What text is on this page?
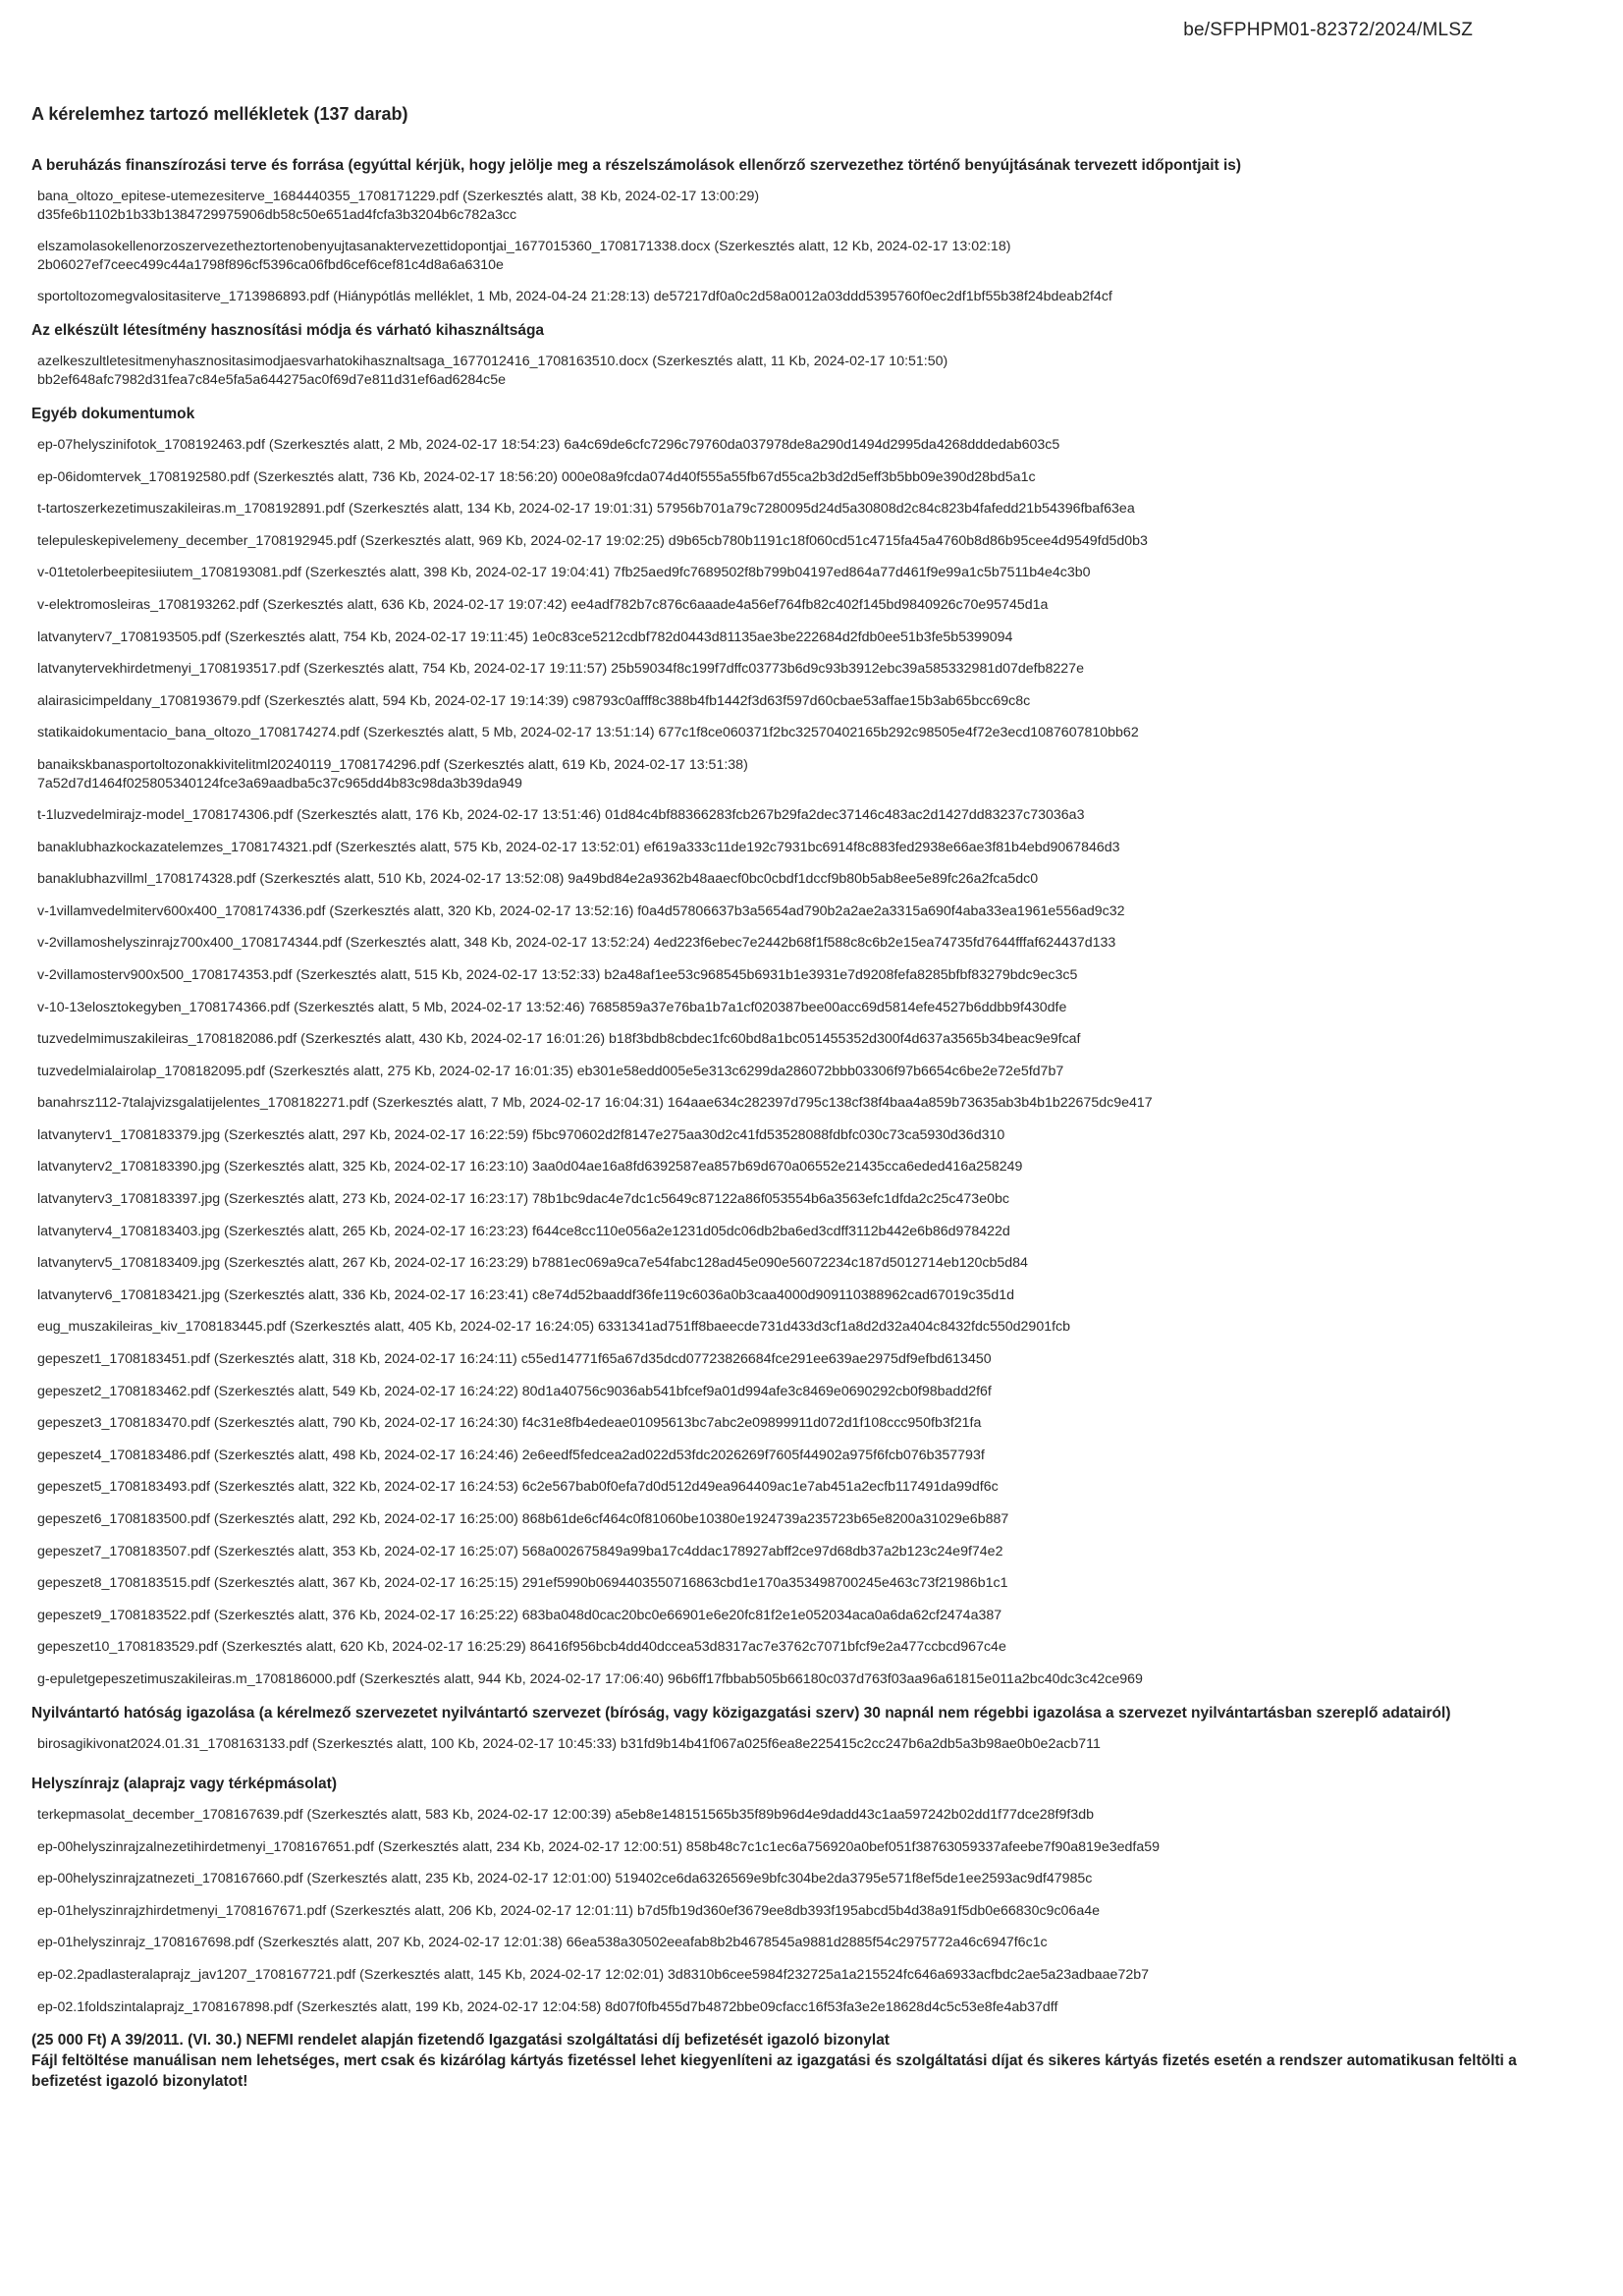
be/SFPHPM01-82372/2024/MLSZ
A kérelemhez tartozó mellékletek (137 darab)
A beruházás finanszírozási terve és forrása (egyúttal kérjük, hogy jelölje meg a részelszámolások ellenőrző szervezethez történő benyújtásának tervezett időpontjait is)
bana_oltozo_epitese-utemezesiterve_1684440355_1708171229.pdf (Szerkesztés alatt, 38 Kb, 2024-02-17 13:00:29)
d35fe6b1102b1b33b1384729975906db58c50e651ad4fcfa3b3204b6c782a3cc
elszamolasokellenorzoszervezetheztortenobenyujtasanaktervezettidopontjai_1677015360_1708171338.docx (Szerkesztés alatt, 12 Kb, 2024-02-17 13:02:18)
2b06027ef7ceec499c44a1798f896cf5396ca06fbd6cef6cef81c4d8a6a6310e
sportoltozomegvalositasiterve_1713986893.pdf (Hiánypótlás melléklet, 1 Mb, 2024-04-24 21:28:13) de57217df0a0c2d58a0012a03ddd5395760f0ec2df1bf55b38f24bdeab2f4cf
Az elkészült létesítmény hasznosítási módja és várható kihasználtsága
azelkeszultletesitmenyhasznositasimodjaesvarhatokihasznaltsaga_1677012416_1708163510.docx (Szerkesztés alatt, 11 Kb, 2024-02-17 10:51:50)
bb2ef648afc7982d31fea7c84e5fa5a644275ac0f69d7e811d31ef6ad6284c5e
Egyéb dokumentumok
ep-07helyszinifotok_1708192463.pdf (Szerkesztés alatt, 2 Mb, 2024-02-17 18:54:23) 6a4c69de6cfc7296c79760da037978de8a290d1494d2995da4268dddedab603c5
ep-06idomtervek_1708192580.pdf (Szerkesztés alatt, 736 Kb, 2024-02-17 18:56:20) 000e08a9fcda074d40f555a55fb67d55ca2b3d2d5eff3b5bb09e390d28bd5a1c
t-tartoszerkezetimuszakileiras.m_1708192891.pdf (Szerkesztés alatt, 134 Kb, 2024-02-17 19:01:31) 57956b701a79c7280095d24d5a30808d2c84c823b4fafedd21b54396fbaf63ea
telepuleskepivelemeny_december_1708192945.pdf (Szerkesztés alatt, 969 Kb, 2024-02-17 19:02:25) d9b65cb780b1191c18f060cd51c4715fa45a4760b8d86b95cee4d9549fd5d0b3
v-01tetolerbeepitesiiutem_1708193081.pdf (Szerkesztés alatt, 398 Kb, 2024-02-17 19:04:41) 7fb25aed9fc7689502f8b799b04197ed864a77d461f9e99a1c5b7511b4e4c3b0
v-elektromosleiras_1708193262.pdf (Szerkesztés alatt, 636 Kb, 2024-02-17 19:07:42) ee4adf782b7c876c6aaade4a56ef764fb82c402f145bd9840926c70e95745d1a
latvanyterv7_1708193505.pdf (Szerkesztés alatt, 754 Kb, 2024-02-17 19:11:45) 1e0c83ce5212cdbf782d0443d81135ae3be222684d2fdb0ee51b3fe5b5399094
latvanytervekhirdetmenyi_1708193517.pdf (Szerkesztés alatt, 754 Kb, 2024-02-17 19:11:57) 25b59034f8c199f7dffc03773b6d9c93b3912ebc39a585332981d07defb8227e
alairasicimpeldany_1708193679.pdf (Szerkesztés alatt, 594 Kb, 2024-02-17 19:14:39) c98793c0afff8c388b4fb1442f3d63f597d60cbae53affae15b3ab65bcc69c8c
statikaidokumentacio_bana_oltozo_1708174274.pdf (Szerkesztés alatt, 5 Mb, 2024-02-17 13:51:14) 677c1f8ce060371f2bc32570402165b292c98505e4f72e3ecd1087607810bb62
banaikskbanasportoltozonakkivitelitml20240119_1708174296.pdf (Szerkesztés alatt, 619 Kb, 2024-02-17 13:51:38)
7a52d7d1464f025805340124fce3a69aadba5c37c965dd4b83c98da3b39da949
t-1luzvedelmirajz-model_1708174306.pdf (Szerkesztés alatt, 176 Kb, 2024-02-17 13:51:46) 01d84c4bf88366283fcb267b29fa2dec37146c483ac2d1427dd83237c73036a3
banaklubhazkockazatelemzes_1708174321.pdf (Szerkesztés alatt, 575 Kb, 2024-02-17 13:52:01) ef619a333c11de192c7931bc6914f8c883fed2938e66ae3f81b4ebd9067846d3
banaklubhazvillml_1708174328.pdf (Szerkesztés alatt, 510 Kb, 2024-02-17 13:52:08) 9a49bd84e2a9362b48aaecf0bc0cbdf1dccf9b80b5ab8ee5e89fc26a2fca5dc0
v-1villamvedelmiterv600x400_1708174336.pdf (Szerkesztés alatt, 320 Kb, 2024-02-17 13:52:16) f0a4d57806637b3a5654ad790b2a2ae2a3315a690f4aba33ea1961e556ad9c32
v-2villamoshelyszinrajz700x400_1708174344.pdf (Szerkesztés alatt, 348 Kb, 2024-02-17 13:52:24) 4ed223f6ebec7e2442b68f1f588c8c6b2e15ea74735fd7644fffaf624437d133
v-2villamosterv900x500_1708174353.pdf (Szerkesztés alatt, 515 Kb, 2024-02-17 13:52:33) b2a48af1ee53c968545b6931b1e3931e7d9208fefa8285bfbf83279bdc9ec3c5
v-10-13elosztokegyben_1708174366.pdf (Szerkesztés alatt, 5 Mb, 2024-02-17 13:52:46) 7685859a37e76ba1b7a1cf020387bee00acc69d5814efe4527b6ddbb9f430dfe
tuzvedelmimuszakileiras_1708182086.pdf (Szerkesztés alatt, 430 Kb, 2024-02-17 16:01:26) b18f3bdb8cbdec1fc60bd8a1bc051455352d300f4d637a3565b34beac9e9fcaf
tuzvedelmialairolap_1708182095.pdf (Szerkesztés alatt, 275 Kb, 2024-02-17 16:01:35) eb301e58edd005e5e313c6299da286072bbb03306f97b6654c6be2e72e5fd7b7
banahrsz112-7talajvizsgalatijelentes_1708182271.pdf (Szerkesztés alatt, 7 Mb, 2024-02-17 16:04:31) 164aae634c282397d795c138cf38f4baa4a859b73635ab3b4b1b22675dc9e417
latvanyterv1_1708183379.jpg (Szerkesztés alatt, 297 Kb, 2024-02-17 16:22:59) f5bc970602d2f8147e275aa30d2c41fd53528088fdbfc030c73ca5930d36d310
latvanyterv2_1708183390.jpg (Szerkesztés alatt, 325 Kb, 2024-02-17 16:23:10) 3aa0d04ae16a8fd6392587ea857b69d670a06552e21435cca6eded416a258249
latvanyterv3_1708183397.jpg (Szerkesztés alatt, 273 Kb, 2024-02-17 16:23:17) 78b1bc9dac4e7dc1c5649c87122a86f053554b6a3563efc1dfda2c25c473e0bc
latvanyterv4_1708183403.jpg (Szerkesztés alatt, 265 Kb, 2024-02-17 16:23:23) f644ce8cc110e056a2e1231d05dc06db2ba6ed3cdff3112b442e6b86d978422d
latvanyterv5_1708183409.jpg (Szerkesztés alatt, 267 Kb, 2024-02-17 16:23:29) b7881ec069a9ca7e54fabc128ad45e090e56072234c187d5012714eb120cb5d84
latvanyterv6_1708183421.jpg (Szerkesztés alatt, 336 Kb, 2024-02-17 16:23:41) c8e74d52baaddf36fe119c6036a0b3caa4000d909110388962cad67019c35d1d
eug_muszakileiras_kiv_1708183445.pdf (Szerkesztés alatt, 405 Kb, 2024-02-17 16:24:05) 6331341ad751ff8baeecde731d433d3cf1a8d2d32a404c8432fdc550d2901fcb
gepeszet1_1708183451.pdf (Szerkesztés alatt, 318 Kb, 2024-02-17 16:24:11) c55ed14771f65a67d35dcd07723826684fce291ee639ae2975df9efbd613450
gepeszet2_1708183462.pdf (Szerkesztés alatt, 549 Kb, 2024-02-17 16:24:22) 80d1a40756c9036ab541bfcef9a01d994afe3c8469e0690292cb0f98badd2f6f
gepeszet3_1708183470.pdf (Szerkesztés alatt, 790 Kb, 2024-02-17 16:24:30) f4c31e8fb4edeae01095613bc7abc2e09899911d072d1f108ccc950fb3f21fa
gepeszet4_1708183486.pdf (Szerkesztés alatt, 498 Kb, 2024-02-17 16:24:46) 2e6eedf5fedcea2ad022d53fdc2026269f7605f44902a975f6fcb076b357793f
gepeszet5_1708183493.pdf (Szerkesztés alatt, 322 Kb, 2024-02-17 16:24:53) 6c2e567bab0f0efa7d0d512d49ea964409ac1e7ab451a2ecfb117491da99df6c
gepeszet6_1708183500.pdf (Szerkesztés alatt, 292 Kb, 2024-02-17 16:25:00) 868b61de6cf464c0f81060be10380e1924739a235723b65e8200a31029e6b887
gepeszet7_1708183507.pdf (Szerkesztés alatt, 353 Kb, 2024-02-17 16:25:07) 568a002675849a99ba17c4ddac178927abff2ce97d68db37a2b123c24e9f74e2
gepeszet8_1708183515.pdf (Szerkesztés alatt, 367 Kb, 2024-02-17 16:25:15) 291ef5990b0694403550716863cbd1e170a353498700245e463c73f21986b1c1
gepeszet9_1708183522.pdf (Szerkesztés alatt, 376 Kb, 2024-02-17 16:25:22) 683ba048d0cac20bc0e66901e6e20fc81f2e1e052034aca0a6da62cf2474a387
gepeszet10_1708183529.pdf (Szerkesztés alatt, 620 Kb, 2024-02-17 16:25:29) 86416f956bcb4dd40dccea53d8317ac7e3762c7071bfcf9e2a477ccbcd967c4e
g-epuletgepeszetimuszakileiras.m_1708186000.pdf (Szerkesztés alatt, 944 Kb, 2024-02-17 17:06:40) 96b6ff17fbbab505b66180c037d763f03aa96a61815e011a2bc40dc3c42ce969
Nyilvántartó hatóság igazolása (a kérelmező szervezetet nyilvántartó szervezet (bíróság, vagy közigazgatási szerv) 30 napnál nem régebbi igazolása a szervezet nyilvántartásban szereplő adatairól)
birosagikivonat2024.01.31_1708163133.pdf (Szerkesztés alatt, 100 Kb, 2024-02-17 10:45:33) b31fd9b14b41f067a025f6ea8e225415c2cc247b6a2db5a3b98ae0b0e2acb711
Helyszínrajz (alaprajz vagy térképmásolat)
terkepmasolat_december_1708167639.pdf (Szerkesztés alatt, 583 Kb, 2024-02-17 12:00:39) a5eb8e148151565b35f89b96d4e9dadd43c1aa597242b02dd1f77dce28f9f3db
ep-00helyszinrajzalnezetihirdetmenyi_1708167651.pdf (Szerkesztés alatt, 234 Kb, 2024-02-17 12:00:51) 858b48c7c1c1ec6a756920a0bef051f38763059337afeebe7f90a819e3edfa59
ep-00helyszinrajzatnezeti_1708167660.pdf (Szerkesztés alatt, 235 Kb, 2024-02-17 12:01:00) 519402ce6da6326569e9bfc304be2da3795e571f8ef5de1ee2593ac9df47985c
ep-01helyszinrajzhirdetmenyi_1708167671.pdf (Szerkesztés alatt, 206 Kb, 2024-02-17 12:01:11) b7d5fb19d360ef3679ee8db393f195abcd5b4d38a91f5db0e66830c9c06a4e
ep-01helyszinrajz_1708167698.pdf (Szerkesztés alatt, 207 Kb, 2024-02-17 12:01:38) 66ea538a30502eeafab8b2b4678545a9881d2885f54c2975772a46c6947f6c1c
ep-02.2padlasteralaprajz_jav1207_1708167721.pdf (Szerkesztés alatt, 145 Kb, 2024-02-17 12:02:01) 3d8310b6cee5984f232725a1a215524fc646a6933acfbdc2ae5a23adbaae72b7
ep-02.1foldszintalaprajz_1708167898.pdf (Szerkesztés alatt, 199 Kb, 2024-02-17 12:04:58) 8d07f0fb455d7b4872bbe09cfacc16f53fa3e2e18628d4c5c53e8fe4ab37dff
(25 000 Ft) A 39/2011. (VI. 30.) NEFMI rendelet alapján fizetendő Igazgatási szolgáltatási díj befizetését igazoló bizonylat
Fájl feltöltése manuálisan nem lehetséges, mert csak és kizárólag kártyás fizetéssel lehet kiegyenlíteni az igazgatási és szolgáltatási díjat és sikeres kártyás fizetés esetén a rendszer automatikusan feltölti a befizetést igazoló bizonylatot!
